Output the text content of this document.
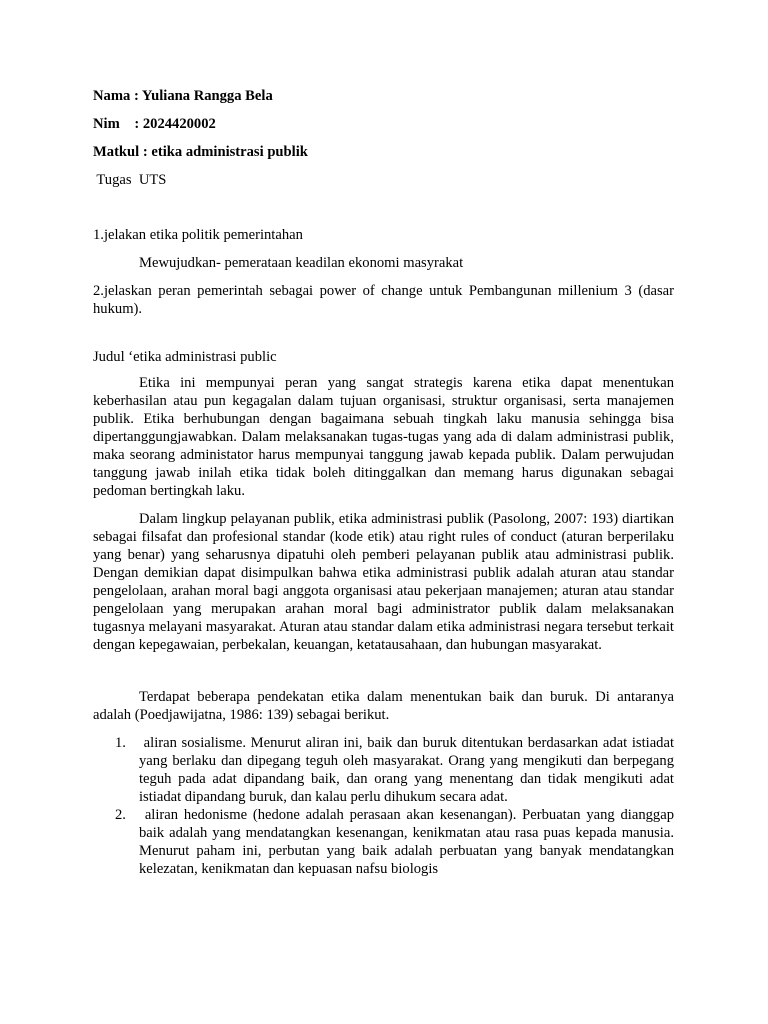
Nama : Yuliana Rangga Bela

Nim    : 2024420002

Matkul : etika administrasi publik

Tugas  UTS

1.jelakan etika politik pemerintahan

Mewujudkan- pemerataan keadilan ekonomi masyrakat

2.jelaskan peran pemerintah sebagai power of change untuk Pembangunan millenium 3 (dasar hukum).

Judul ‘etika administrasi public

Etika ini mempunyai peran yang sangat strategis karena etika dapat menentukan keberhasilan atau pun kegagalan dalam tujuan organisasi, struktur organisasi, serta manajemen publik. Etika berhubungan dengan bagaimana sebuah tingkah laku manusia sehingga bisa dipertanggungjawabkan. Dalam melaksanakan tugas-tugas yang ada di dalam administrasi publik, maka seorang administator harus mempunyai tanggung jawab kepada publik. Dalam perwujudan tanggung jawab inilah etika tidak boleh ditinggalkan dan memang harus digunakan sebagai pedoman bertingkah laku.

Dalam lingkup pelayanan publik, etika administrasi publik (Pasolong, 2007: 193) diartikan sebagai filsafat dan profesional standar (kode etik) atau right rules of conduct (aturan berperilaku yang benar) yang seharusnya dipatuhi oleh pemberi pelayanan publik atau administrasi publik. Dengan demikian dapat disimpulkan bahwa etika administrasi publik adalah aturan atau standar pengelolaan, arahan moral bagi anggota organisasi atau pekerjaan manajemen; aturan atau standar pengelolaan yang merupakan arahan moral bagi administrator publik dalam melaksanakan tugasnya melayani masyarakat. Aturan atau standar dalam etika administrasi negara tersebut terkait dengan kepegawaian, perbekalan, keuangan, ketatausahaan, dan hubungan masyarakat.

Terdapat beberapa pendekatan etika dalam menentukan baik dan buruk. Di antaranya adalah (Poedjawijatna, 1986: 139) sebagai berikut.

1. aliran sosialisme. Menurut aliran ini, baik dan buruk ditentukan berdasarkan adat istiadat yang berlaku dan dipegang teguh oleh masyarakat. Orang yang mengikuti dan berpegang teguh pada adat dipandang baik, dan orang yang menentang dan tidak mengikuti adat istiadat dipandang buruk, dan kalau perlu dihukum secara adat.

2. aliran hedonisme (hedone adalah perasaan akan kesenangan). Perbuatan yang dianggap baik adalah yang mendatangkan kesenangan, kenikmatan atau rasa puas kepada manusia. Menurut paham ini, perbutan yang baik adalah perbuatan yang banyak mendatangkan kelezatan, kenikmatan dan kepuasan nafsu biologis
